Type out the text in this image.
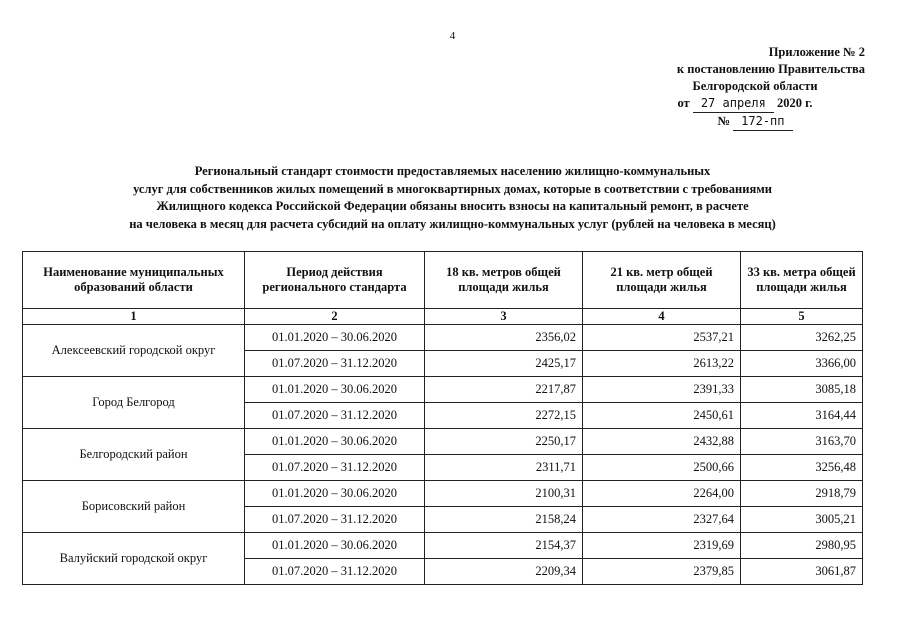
4
Приложение № 2
к постановлению Правительства
Белгородской области
от 27 апреля 2020 г.
№ 172-пп
Региональный стандарт стоимости предоставляемых населению жилищно-коммунальных
услуг для собственников жилых помещений в многоквартирных домах, которые в соответствии с требованиями
Жилищного кодекса Российской Федерации обязаны вносить взносы на капитальный ремонт, в расчете
на человека в месяц для расчета субсидий на оплату жилищно-коммунальных услуг (рублей на человека в месяц)
Наименование муниципальных образований области	Период действия регионального стандарта	18 кв. метров общей площади жилья	21 кв. метр общей площади жилья	33 кв. метра общей площади жилья
1	2	3	4	5
Алексеевский городской округ	01.01.2020 – 30.06.2020	2356,02	2537,21	3262,25
	01.07.2020 – 31.12.2020	2425,17	2613,22	3366,00
Город Белгород	01.01.2020 – 30.06.2020	2217,87	2391,33	3085,18
	01.07.2020 – 31.12.2020	2272,15	2450,61	3164,44
Белгородский район	01.01.2020 – 30.06.2020	2250,17	2432,88	3163,70
	01.07.2020 – 31.12.2020	2311,71	2500,66	3256,48
Борисовский район	01.01.2020 – 30.06.2020	2100,31	2264,00	2918,79
	01.07.2020 – 31.12.2020	2158,24	2327,64	3005,21
Валуйский городской округ	01.01.2020 – 30.06.2020	2154,37	2319,69	2980,95
	01.07.2020 – 31.12.2020	2209,34	2379,85	3061,87
